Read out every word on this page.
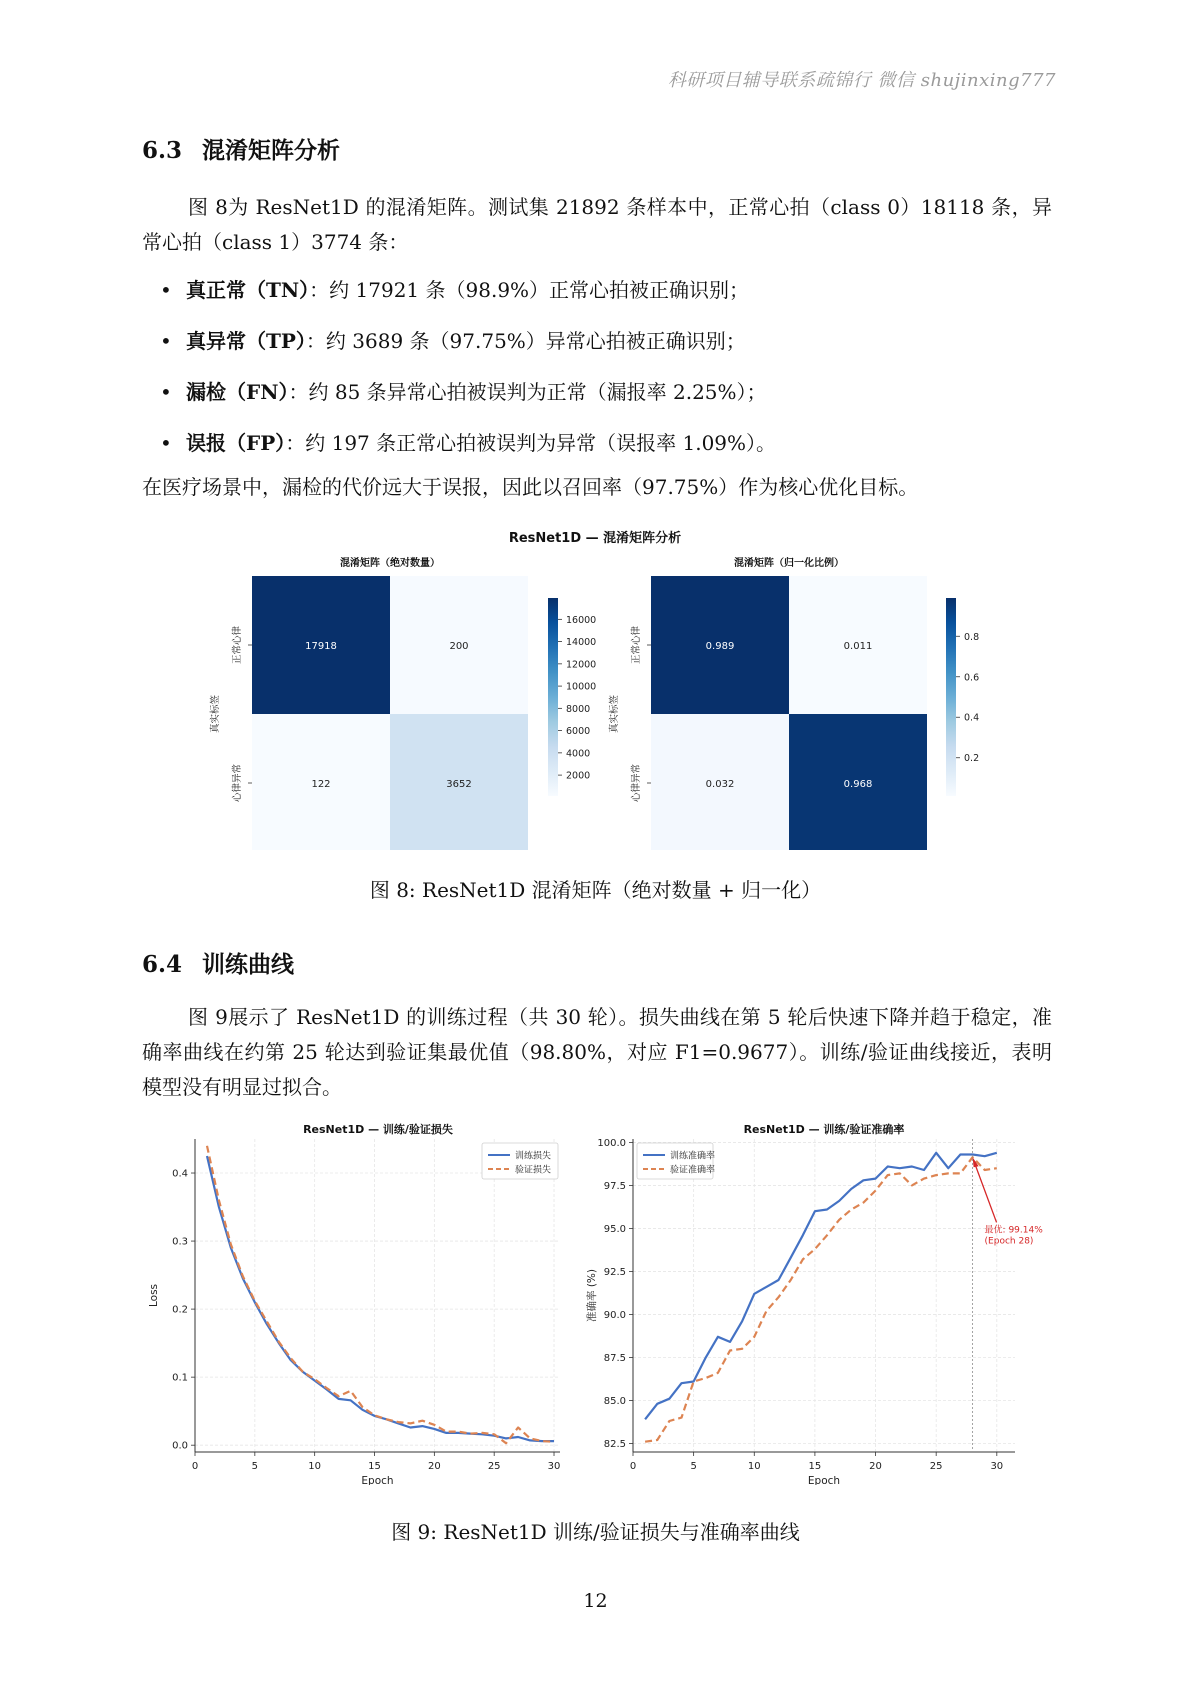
科研项目辅导联系疏锦行 微信 shujinxing777
6.3 混淆矩阵分析
图 8为 ResNet1D 的混淆矩阵。测试集 21892 条样本中，正常心拍（class 0）18118 条，异常心拍（class 1）3774 条：
• 真正常（TN）：约 17921 条（98.9%）正常心拍被正确识别；
• 真异常（TP）：约 3689 条（97.75%）异常心拍被正确识别；
• 漏检（FN）：约 85 条异常心拍被误判为正常（漏报率 2.25%）；
• 误报（FP）：约 197 条正常心拍被误判为异常（误报率 1.09%）。
在医疗场景中，漏检的代价远大于误报，因此以召回率（97.75%）作为核心优化目标。
ResNet1D — 混淆矩阵分析
混淆矩阵（绝对数量）
17918	200
122	3652
正常心律
心律异常
真实标签
2000
4000
6000
8000
10000
12000
14000
16000
混淆矩阵（归一化比例）
0.989	0.011
0.032	0.968
正常心律
心律异常
真实标签
0.2
0.4
0.6
0.8
图 8: ResNet1D 混淆矩阵（绝对数量 + 归一化）
6.4 训练曲线
图 9展示了 ResNet1D 的训练过程（共 30 轮）。损失曲线在第 5 轮后快速下降并趋于稳定，准确率曲线在约第 25 轮达到验证集最优值（98.80%，对应 F1=0.9677）。训练/验证曲线接近，表明模型没有明显过拟合。
ResNet1D — 训练/验证损失
0	5	10	15	20	25	30
0.0
0.1
0.2
0.3
0.4
Epoch
Loss
训练损失
验证损失
ResNet1D — 训练/验证准确率
0	5	10	15	20	25	30
82.5
85.0
87.5
90.0
92.5
95.0
97.5
100.0
Epoch
准确率 (%)
训练准确率
验证准确率
最优: 99.14%
(Epoch 28)
图 9: ResNet1D 训练/验证损失与准确率曲线
12
